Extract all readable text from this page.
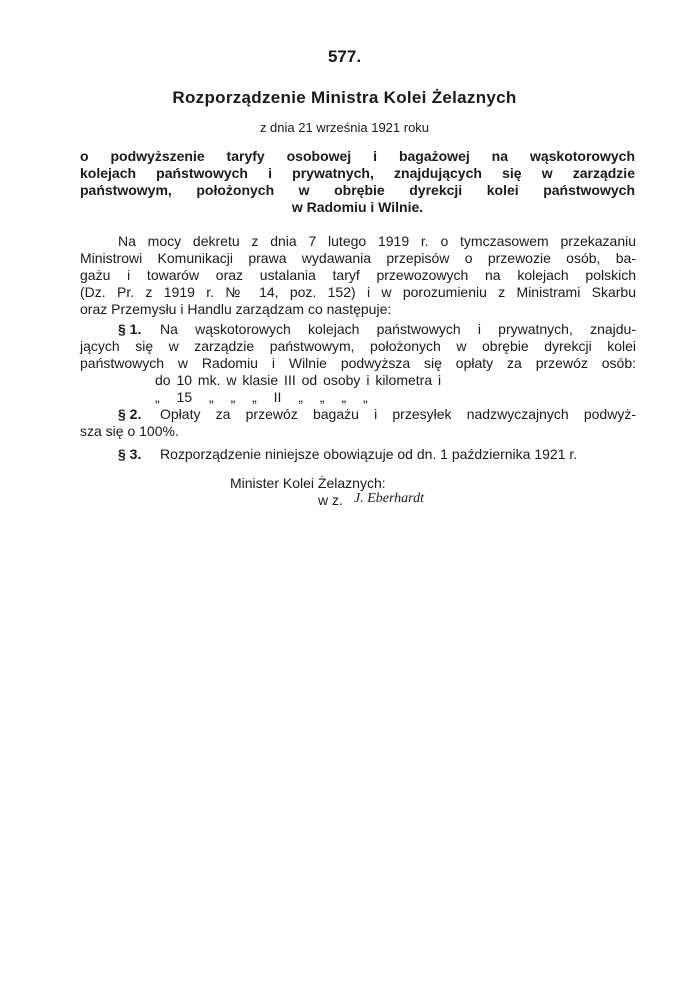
577.
Rozporządzenie Ministra Kolei Żelaznych
z dnia 21 września 1921 roku
o podwyższenie taryfy osobowej i bagażowej na wąskotorowych
kolejach państwowych i prywatnych, znajdujących się w zarządzie
państwowym, położonych w obrębie dyrekcji kolei państwowych
w Radomiu i Wilnie.
Na mocy dekretu z dnia 7 lutego 1919 r. o tymczasowem przekazaniu
Ministrowi Komunikacji prawa wydawania przepisów o przewozie osób, ba-
gażu i towarów oraz ustalania taryf przewozowych na kolejach polskich
(Dz. Pr. z 1919 r. № 14, poz. 152) i w porozumieniu z Ministrami Skarbu
oraz Przemysłu i Handlu zarządzam co następuje:
§ 1. Na wąskotorowych kolejach państwowych i prywatnych, znajdu-
jących się w zarządzie państwowym, położonych w obrębie dyrekcji kolei
państwowych w Radomiu i Wilnie podwyższa się opłaty za przewóz osób:
do 10 mk. w klasie III od osoby i kilometra i
„ 15 „ „ „ II „ „ „ „
§ 2. Opłaty za przewóz bagażu i przesyłek nadzwyczajnych podwyż-
sza się o 100%.
§ 3. Rozporządzenie niniejsze obowiązuje od dn. 1 października 1921 r.
Minister Kolei Żelaznych:
w z. J. Eberhardt
